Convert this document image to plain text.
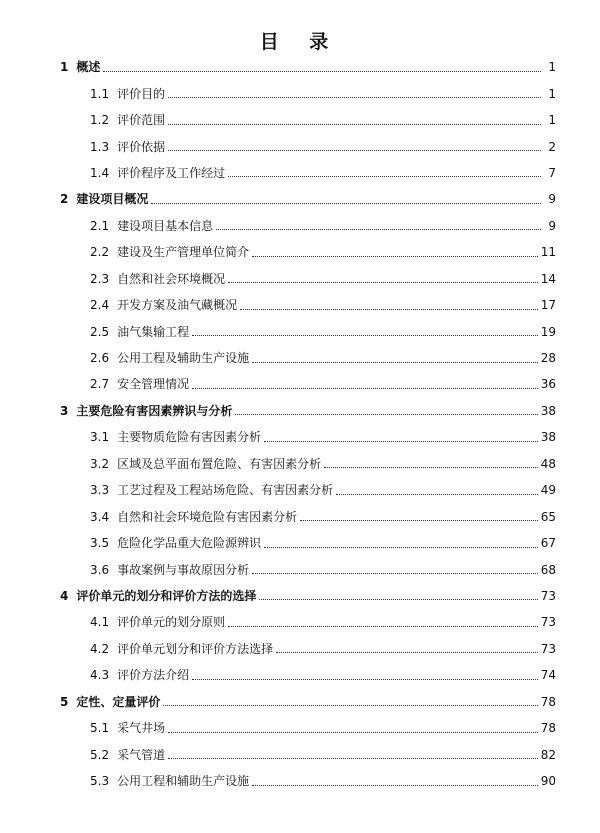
目 录
1 概述	1
1.1 评价目的	1
1.2 评价范围	1
1.3 评价依据	2
1.4 评价程序及工作经过	7
2 建设项目概况	9
2.1 建设项目基本信息	9
2.2 建设及生产管理单位简介	11
2.3 自然和社会环境概况	14
2.4 开发方案及油气藏概况	17
2.5 油气集输工程	19
2.6 公用工程及辅助生产设施	28
2.7 安全管理情况	36
3 主要危险有害因素辨识与分析	38
3.1 主要物质危险有害因素分析	38
3.2 区域及总平面布置危险、有害因素分析	48
3.3 工艺过程及工程站场危险、有害因素分析	49
3.4 自然和社会环境危险有害因素分析	65
3.5 危险化学品重大危险源辨识	67
3.6 事故案例与事故原因分析	68
4 评价单元的划分和评价方法的选择	73
4.1 评价单元的划分原则	73
4.2 评价单元划分和评价方法选择	73
4.3 评价方法介绍	74
5 定性、定量评价	78
5.1 采气井场	78
5.2 采气管道	82
5.3 公用工程和辅助生产设施	90
